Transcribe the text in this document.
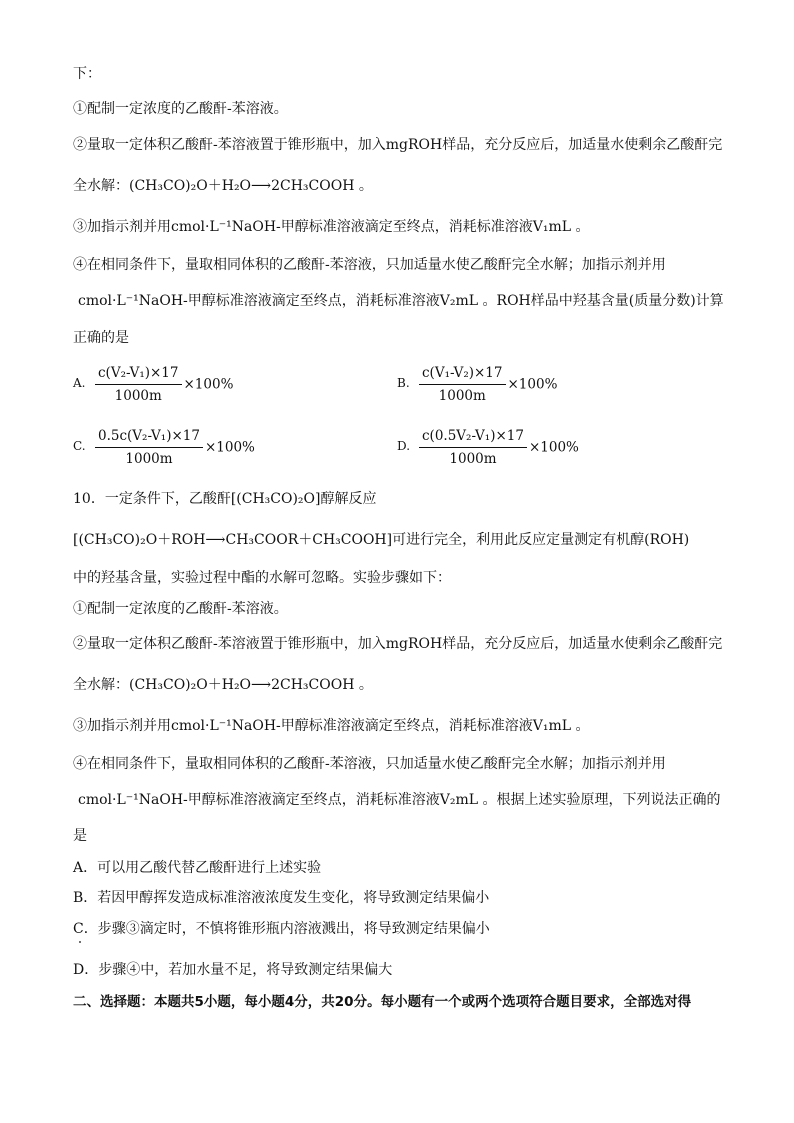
下：
①配制一定浓度的乙酸酐-苯溶液。
②量取一定体积乙酸酐-苯溶液置于锥形瓶中，加入mgROH样品，充分反应后，加适量水使剩余乙酸酐完
全水解：(CH₃CO)₂O＋H₂O⟶2CH₃COOH 。
③加指示剂并用cmol·L⁻¹NaOH-甲醇标准溶液滴定至终点，消耗标准溶液V₁mL 。
④在相同条件下，量取相同体积的乙酸酐-苯溶液，只加适量水使乙酸酐完全水解；加指示剂并用
cmol·L⁻¹NaOH-甲醇标准溶液滴定至终点，消耗标准溶液V₂mL 。ROH样品中羟基含量(质量分数)计算
正确的是
A. $\frac{\text{c(V₂-V₁)×17}}{1000m} \times 100\%$	B. $\frac{\text{c(V₁-V₂)×17}}{1000m} \times 100\%$
C. $\frac{\text{0.5c(V₂-V₁)×17}}{1000m} \times 100\%$	D. $\frac{\text{c(0.5V₂-V₁)×17}}{1000m} \times 100\%$
10．一定条件下，乙酸酐[(CH₃CO)₂O]醇解反应
[(CH₃CO)₂O＋ROH⟶CH₃COOR＋CH₃COOH]可进行完全，利用此反应定量测定有机醇(ROH)
中的羟基含量，实验过程中酯的水解可忽略。实验步骤如下：
①配制一定浓度的乙酸酐-苯溶液。
②量取一定体积乙酸酐-苯溶液置于锥形瓶中，加入mgROH样品，充分反应后，加适量水使剩余乙酸酐完
全水解：(CH₃CO)₂O＋H₂O⟶2CH₃COOH 。
③加指示剂并用cmol·L⁻¹NaOH-甲醇标准溶液滴定至终点，消耗标准溶液V₁mL 。
④在相同条件下，量取相同体积的乙酸酐-苯溶液，只加适量水使乙酸酐完全水解；加指示剂并用
cmol·L⁻¹NaOH-甲醇标准溶液滴定至终点，消耗标准溶液V₂mL 。根据上述实验原理，下列说法正确的
是
A．可以用乙酸代替乙酸酐进行上述实验
B．若因甲醇挥发造成标准溶液浓度发生变化，将导致测定结果偏小
C．步骤③滴定时，不慎将锥形瓶内溶液溅出，将导致测定结果偏小
D．步骤④中，若加水量不足，将导致测定结果偏大
二、选择题：本题共5小题，每小题4分，共20分。每小题有一个或两个选项符合题目要求，全部选对得
